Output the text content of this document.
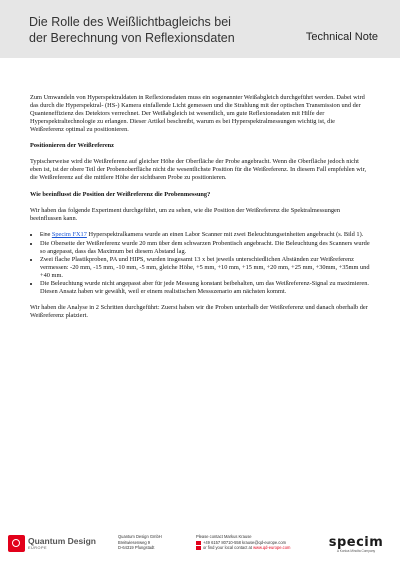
Die Rolle des Weißlichtbagleichs bei
der Berechnung von Reflexionsdaten	Technical Note

Zum Umwandeln von Hyperspektraldaten in Reflexionsdaten muss ein sogenannter Weißabgleich durchgeführt werden. Dabei wird das durch die Hyperspektral- (HS-) Kamera einfallende Licht gemessen und die Strahlung mit der optischen Transmission und der Quanteneffizienz des Detektors verrechnet. Der Weißabgleich ist wesentlich, um gute Reflexionsdaten mit Hilfe der Hyperspektraltechnologie zu erlangen. Dieser Artikel beschreibt, warum es bei Hyperspektralmessungen wichtig ist, die Weißreferenz optimal zu positionieren.

Positionieren der Weißreferenz

Typischerweise wird die Weißreferenz auf gleicher Höhe der Oberfläche der Probe angebracht. Wenn die Oberfläche jedoch nicht eben ist, ist der obere Teil der Probenoberfläche nicht die wesentlichste Position für die Weißreferenz. In diesem Fall empfehlen wir, die Weißreferenz auf die mittlere Höhe der sichtbaren Probe zu positionieren.

Wie beeinflusst die Position der Weißreferenz die Probenmessung?

Wir haben das folgende Experiment durchgeführt, um zu sehen, wie die Position der Weißreferenz die Spektralmessungen beeinflussen kann.

• Eine Specim FX17 Hyperspektralkamera wurde an einen Labor Scanner mit zwei Beleuchtungseinheiten angebracht (s. Bild 1).
• Die Oberseite der Weißreferenz wurde 20 mm über dem schwarzen Probentisch angebracht. Die Beleuchtung des Scanners wurde so angepasst, dass das Maximum bei diesem Abstand lag.
• Zwei flache Plastikproben, PA und HIPS, wurden insgesamt 13 x bei jeweils unterschiedlichen Abständen zur Weißreferenz vermessen: -20 mm, -15 mm, -10 mm, -5 mm, gleiche Höhe, +5 mm, +10 mm, +15 mm, +20 mm, +25 mm, +30mm, +35mm und +40 mm.
• Die Beleuchtung wurde nicht angepasst aber für jede Messung konstant beibehalten, um das Weißreferenz-Signal zu maximieren. Diesen Ansatz haben wir gewählt, weil er einem realistischen Messszenario am nächsten kommt.

Wir haben die Analyse in 2 Schritten durchgeführt: Zuerst haben wir die Proben unterhalb der Weißreferenz und danach oberhalb der Weißreferenz platziert.

Quantum Design
EUROPE
Quantum Design GmbH
Breitwiesenweg 9
D-64319 Pfungstadt
Please contact Markus Krause
+49 6157 80710-558 krause@qd-europe.com
or find your local contact at www.qd-europe.com	specim
A Konica Minolta Company
